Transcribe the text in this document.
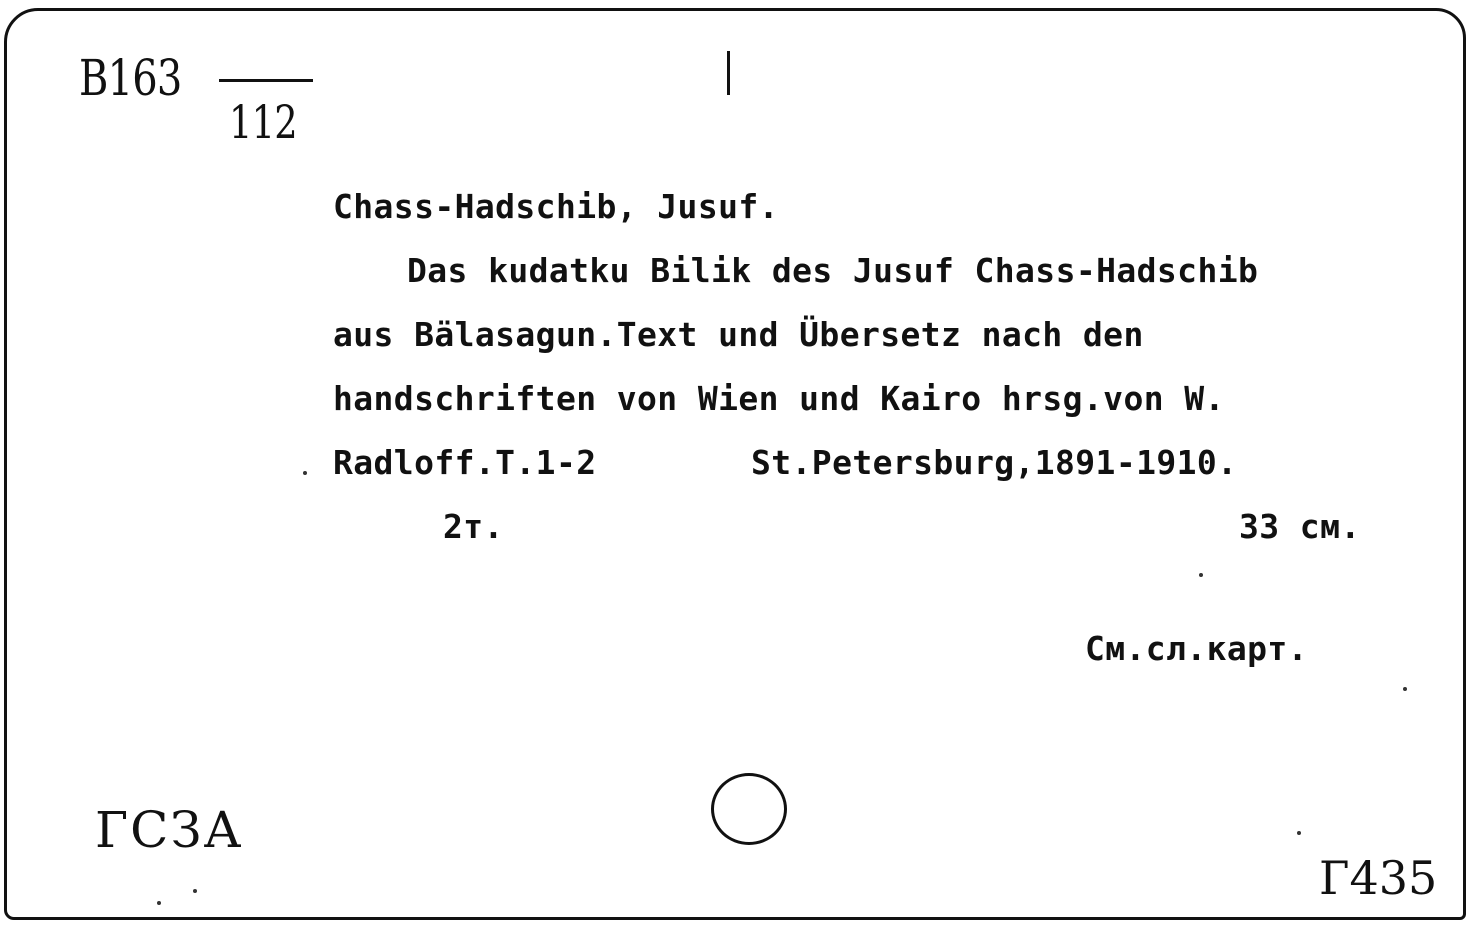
B163
112
Chass-Hadschib, Jusuf.
Das kudatku Bilik des Jusuf Chass-Hadschib
aus Bälasagun.Text und Übersetz nach den
handschriften von Wien und Kairo hrsg.von W.
Radloff.T.1-2	St.Petersburg,1891-1910.
2т.	33 см.
См.сл.карт.
ГСЗА
Г435
